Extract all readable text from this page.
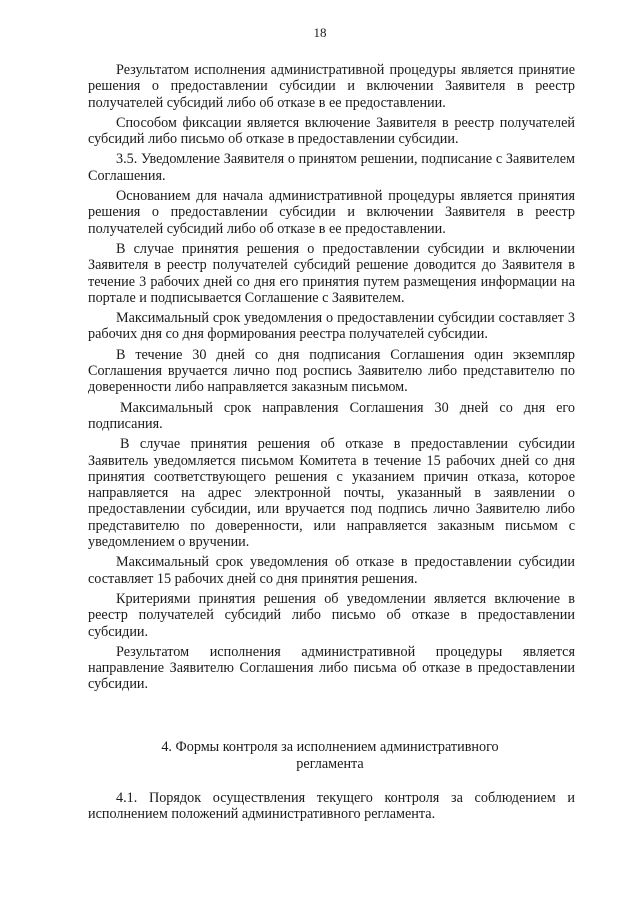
18

Результатом исполнения административной процедуры является принятие решения о предоставлении субсидии и включении Заявителя в реестр получателей субсидий либо об отказе в ее предоставлении.

Способом фиксации является включение Заявителя в реестр получателей субсидий либо письмо об отказе в предоставлении субсидии.

3.5. Уведомление Заявителя о принятом решении, подписание с Заявителем Соглашения.

Основанием для начала административной процедуры является принятия решения о предоставлении субсидии и включении Заявителя в реестр получателей субсидий либо об отказе в ее предоставлении.

В случае принятия решения о предоставлении субсидии и включении Заявителя в реестр получателей субсидий решение доводится до Заявителя в течение 3 рабочих дней со дня его принятия путем размещения информации на портале и подписывается Соглашение с Заявителем.

Максимальный срок уведомления о предоставлении субсидии составляет 3 рабочих дня со дня формирования реестра получателей субсидии.

В течение 30 дней со дня подписания Соглашения один экземпляр Соглашения вручается лично под роспись Заявителю либо представителю по доверенности либо направляется заказным письмом.

Максимальный срок направления Соглашения 30 дней со дня его подписания.

В случае принятия решения об отказе в предоставлении субсидии Заявитель уведомляется письмом Комитета в течение 15 рабочих дней со дня принятия соответствующего решения с указанием причин отказа, которое направляется на адрес электронной почты, указанный в заявлении о предоставлении субсидии, или вручается под подпись лично Заявителю либо представителю по доверенности, или направляется заказным письмом с уведомлением о вручении.

Максимальный срок уведомления об отказе в предоставлении субсидии составляет 15 рабочих дней со дня принятия решения.

Критериями принятия решения об уведомлении является включение в реестр получателей субсидий либо письмо об отказе в предоставлении субсидии.

Результатом исполнения административной процедуры является направление Заявителю Соглашения либо письма об отказе в предоставлении субсидии.

4. Формы контроля за исполнением административного
регламента

4.1. Порядок осуществления текущего контроля за соблюдением и исполнением положений административного регламента.
